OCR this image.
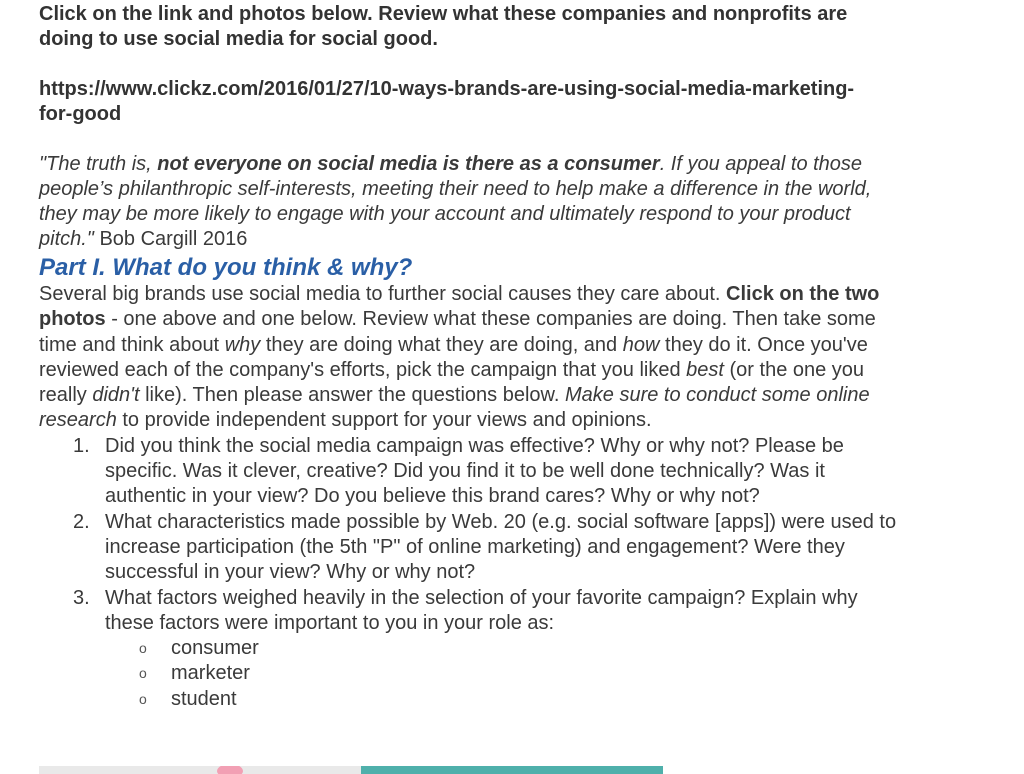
Click on the link and photos below. Review what these companies and nonprofits are doing to use social media for social good.

https://www.clickz.com/2016/01/27/10-ways-brands-are-using-social-media-marketing-for-good

"The truth is, not everyone on social media is there as a consumer. If you appeal to those people’s philanthropic self-interests, meeting their need to help make a difference in the world, they may be more likely to engage with your account and ultimately respond to your product pitch." Bob Cargill 2016

Part I. What do you think & why?

Several big brands use social media to further social causes they care about. Click on the two photos - one above and one below. Review what these companies are doing. Then take some time and think about why they are doing what they are doing, and how they do it. Once you've reviewed each of the company's efforts, pick the campaign that you liked best (or the one you really didn't like). Then please answer the questions below. Make sure to conduct some online research to provide independent support for your views and opinions.

1. Did you think the social media campaign was effective? Why or why not? Please be specific. Was it clever, creative? Did you find it to be well done technically? Was it authentic in your view? Do you believe this brand cares? Why or why not?
2. What characteristics made possible by Web. 20 (e.g. social software [apps]) were used to increase participation (the 5th "P" of online marketing) and engagement? Were they successful in your view? Why or why not?
3. What factors weighed heavily in the selection of your favorite campaign? Explain why these factors were important to you in your role as:
o consumer
o marketer
o student
